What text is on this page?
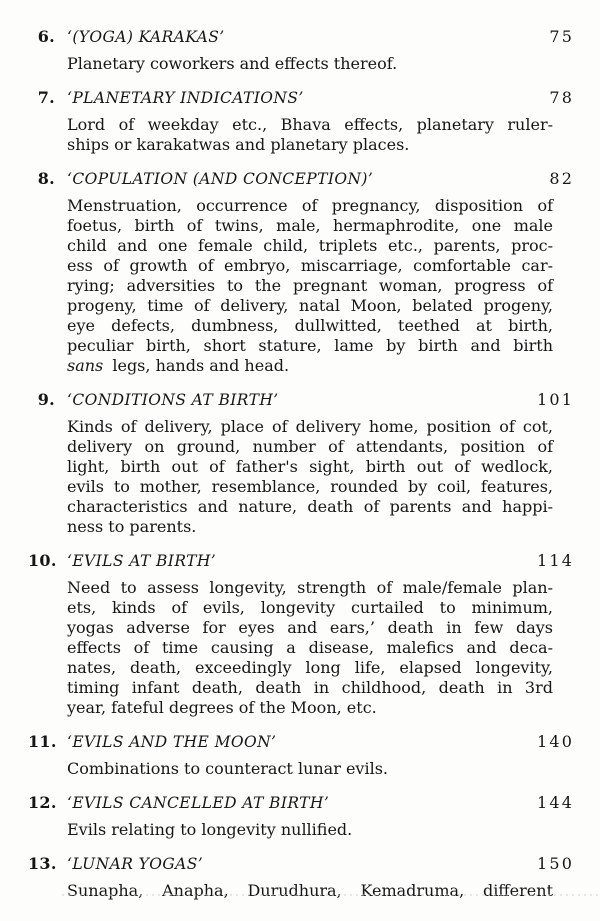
6. ‘(YOGA) KARAKAS’	75
Planetary coworkers and effects thereof.
7. ‘PLANETARY INDICATIONS’	78
Lord of weekday etc., Bhava effects, planetary ruler-
ships or karakatwas and planetary places.
8. ‘COPULATION (AND CONCEPTION)’	82
Menstruation, occurrence of pregnancy, disposition of
foetus, birth of twins, male, hermaphrodite, one male
child and one female child, triplets etc., parents, proc-
ess of growth of embryo, miscarriage, comfortable car-
rying; adversities to the pregnant woman, progress of
progeny, time of delivery, natal Moon, belated progeny,
eye defects, dumbness, dullwitted, teethed at birth,
peculiar birth, short stature, lame by birth and birth
sans legs, hands and head.
9. ‘CONDITIONS AT BIRTH’	101
Kinds of delivery, place of delivery home, position of cot,
delivery on ground, number of attendants, position of
light, birth out of father's sight, birth out of wedlock,
evils to mother, resemblance, rounded by coil, features,
characteristics and nature, death of parents and happi-
ness to parents.
10. ‘EVILS AT BIRTH’	114
Need to assess longevity, strength of male/female plan-
ets, kinds of evils, longevity curtailed to minimum,
yogas adverse for eyes and ears,’ death in few days
effects of time causing a disease, malefics and deca-
nates, death, exceedingly long life, elapsed longevity,
timing infant death, death in childhood, death in 3rd
year, fateful degrees of the Moon, etc.
11. ‘EVILS AND THE MOON’	140
Combinations to counteract lunar evils.
12. ‘EVILS CANCELLED AT BIRTH’	144
Evils relating to longevity nullified.
13. ‘LUNAR YOGAS’	150
Sunapha, Anapha, Durudhura, Kemadruma, different
